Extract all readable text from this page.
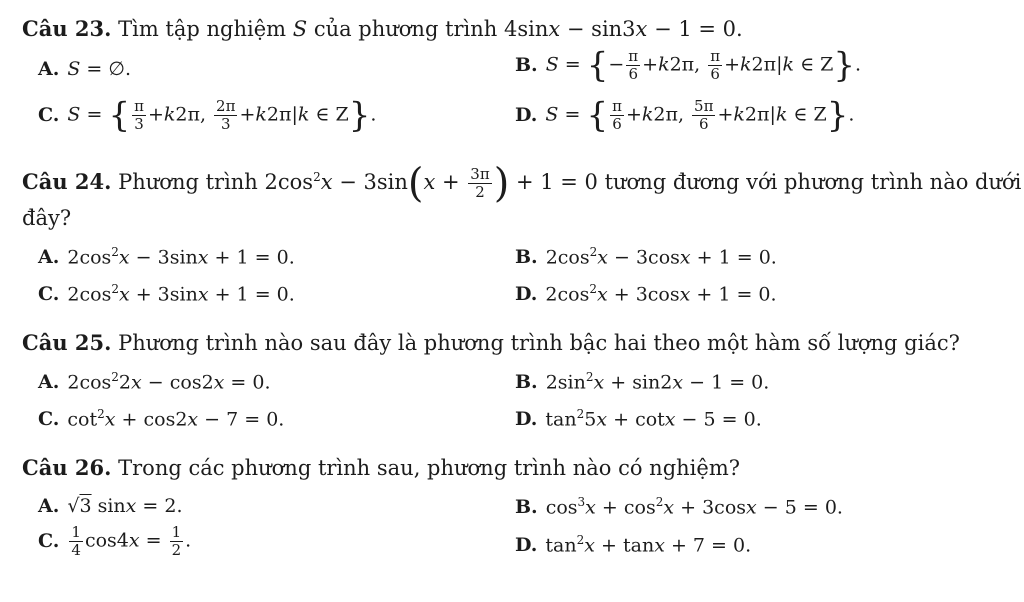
Câu 23. Tìm tập nghiệm S của phương trình 4sinx − sin3x − 1 = 0.
A. S = ∅.	B. S = {− $\frac{\pi}{6} +k2\pi$, $\frac{\pi}{6} +k2\pi|k$ ∈ Z}.
C. S = { $\frac{\pi}{3} +k2\pi$, $\frac{2\pi}{3} +k2\pi|k$ ∈ Z}.	D. S = { $\frac{\pi}{6} +k2\pi$, $\frac{5\pi}{6} +k2\pi|k$ ∈ Z}.
Câu 24. Phương trình $2\cos^2x - 3\sin(x + \frac{3\pi}{2}$ ) + 1 = 0 tương đương với phương trình nào dưới
đây?
A. $2\cos^2x - 3\sin x + 1 = 0$.	B. $2\cos^2x - 3\cos x + 1 = 0$.
C. $2\cos^2x + 3\sin x + 1 = 0$.	D. $2\cos^2x + 3\cos x + 1 = 0$.
Câu 25. Phương trình nào sau đây là phương trình bậc hai theo một hàm số lượng giác?
A. $2\cos^22x - \cos 2x = 0$.	B. $2\sin^2x + \sin 2x - 1 = 0$.
C. $\cot^2x + \cos 2x - 7 = 0$.	D. $\tan^25x + \cot x - 5 = 0$.
Câu 26. Trong các phương trình sau, phương trình nào có nghiệm?
A. √3 sinx = 2.	B. $\cos^3x + \cos^2x + 3\cos x - 5 = 0$.
C. $\frac{1}{4} \cos 4x = \frac{1}{2}$ .	D. $\tan^2x + \tan x + 7 = 0$.
